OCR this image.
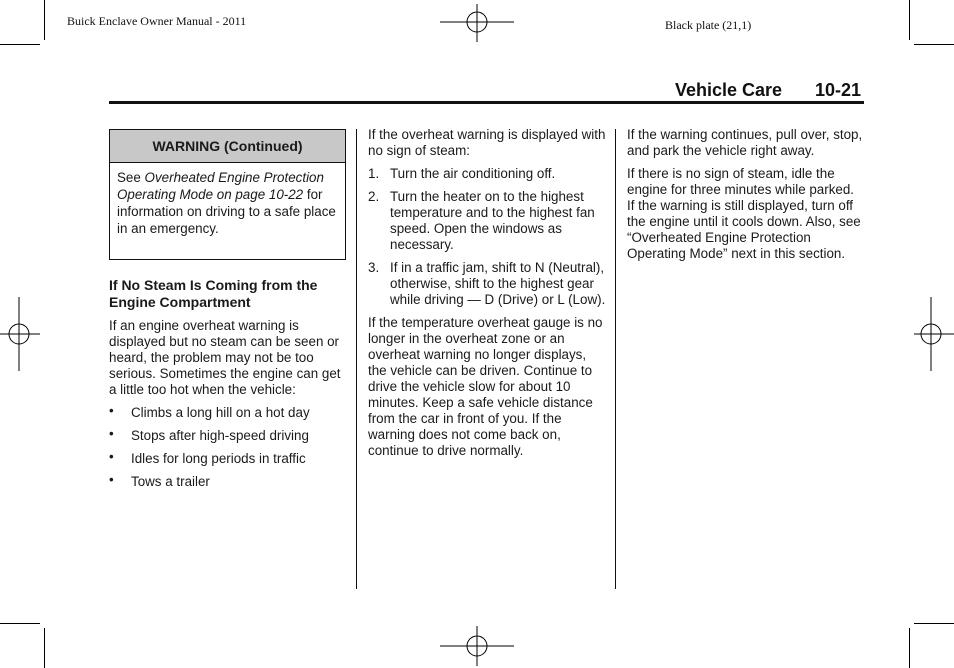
Buick Enclave Owner Manual - 2011	Black plate (21,1)
Vehicle Care 10-21
WARNING (Continued)
See Overheated Engine Protection Operating Mode on page 10-22 for information on driving to a safe place in an emergency.

If No Steam Is Coming from the Engine Compartment

If an engine overheat warning is displayed but no steam can be seen or heard, the problem may not be too serious. Sometimes the engine can get a little too hot when the vehicle:

• Climbs a long hill on a hot day
• Stops after high-speed driving
• Idles for long periods in traffic
• Tows a trailer

If the overheat warning is displayed with no sign of steam:

1. Turn the air conditioning off.
2. Turn the heater on to the highest temperature and to the highest fan speed. Open the windows as necessary.
3. If in a traffic jam, shift to N (Neutral), otherwise, shift to the highest gear while driving — D (Drive) or L (Low).

If the temperature overheat gauge is no longer in the overheat zone or an overheat warning no longer displays, the vehicle can be driven. Continue to drive the vehicle slow for about 10 minutes. Keep a safe vehicle distance from the car in front of you. If the warning does not come back on, continue to drive normally.

If the warning continues, pull over, stop, and park the vehicle right away.

If there is no sign of steam, idle the engine for three minutes while parked. If the warning is still displayed, turn off the engine until it cools down. Also, see “Overheated Engine Protection Operating Mode” next in this section.
